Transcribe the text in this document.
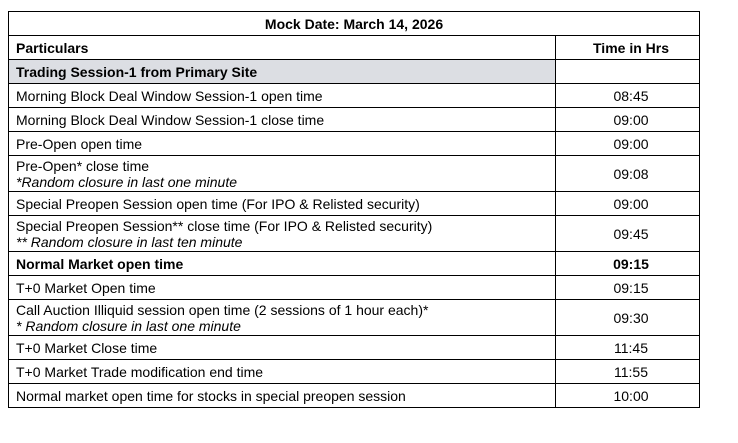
Mock Date: March 14, 2026	
Particulars	Time in Hrs
Trading Session-1 from Primary Site	
Morning Block Deal Window Session-1 open time	08:45
Morning Block Deal Window Session-1 close time	09:00
Pre-Open open time	09:00
Pre-Open* close time
*Random closure in last one minute	09:08
Special Preopen Session open time (For IPO & Relisted security)	09:00
Special Preopen Session** close time (For IPO & Relisted security)
** Random closure in last ten minute	09:45
Normal Market open time	09:15
T+0 Market Open time	09:15
Call Auction Illiquid session open time (2 sessions of 1 hour each)*
* Random closure in last one minute	09:30
T+0 Market Close time	11:45
T+0 Market Trade modification end time	11:55
Normal market open time for stocks in special preopen session	10:00
